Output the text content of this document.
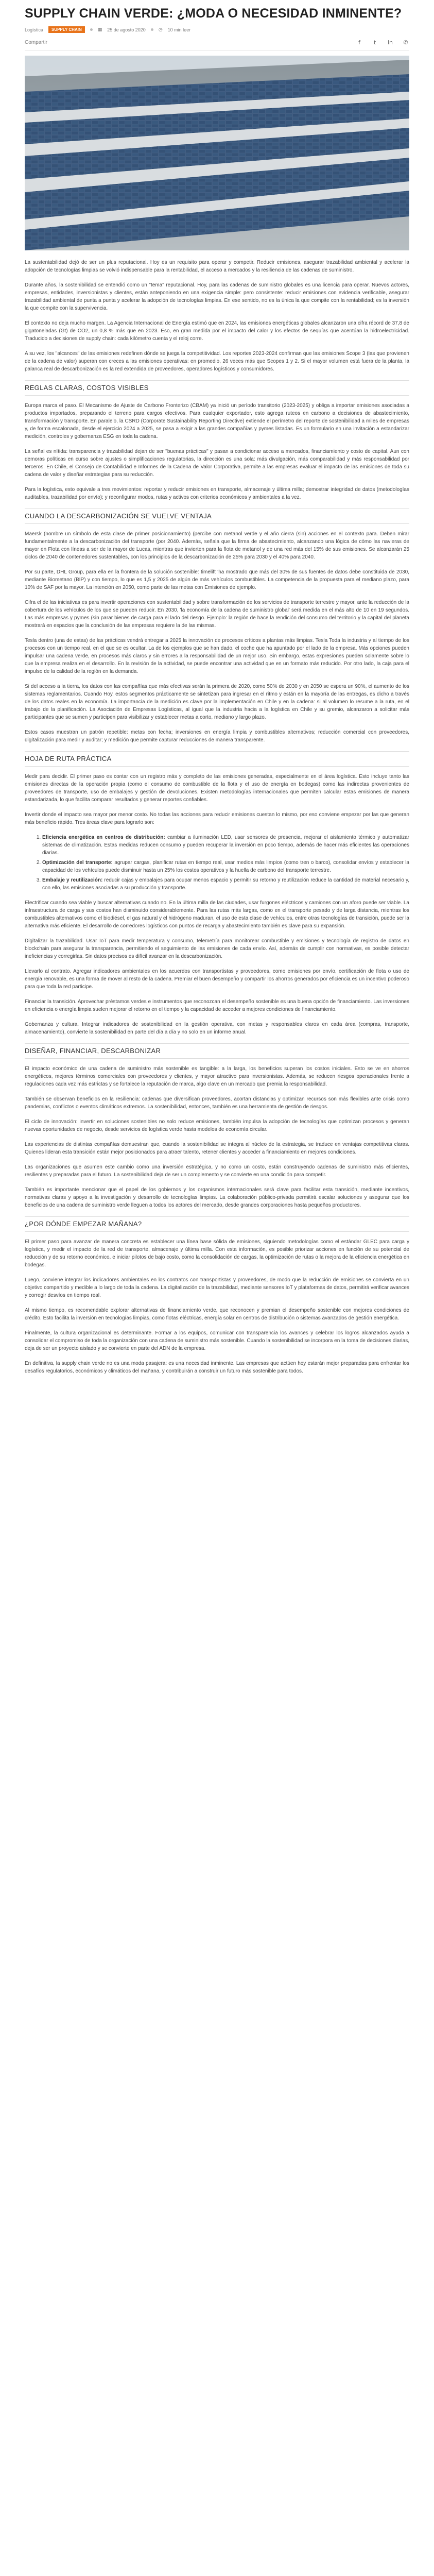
SUPPLY CHAIN VERDE: ¿MODA O NECESIDAD INMINENTE?
Logística	SUPPLY CHAIN	▦ 25 de agosto 2020	◷ 10 min leer
Compartir	f	t	in ✆

La sustentabilidad dejó de ser un plus reputacional. Hoy es un requisito para operar y competir. Reducir emisiones, asegurar trazabilidad ambiental y acelerar la adopción de tecnologías limpias se volvió indispensable para la rentabilidad, el acceso a mercados y la resiliencia de las cadenas de suministro.

Durante años, la sostenibilidad se entendió como un "tema" reputacional. Hoy, para las cadenas de suministro globales es una licencia para operar. Nuevos actores, empresas, entidades, inversionistas y clientes, están anteponiendo en una exigencia simple: pero consistente: reducir emisiones con evidencia verificable, asegurar trazabilidad ambiental de punta a punta y acelerar la adopción de tecnologías limpias. En ese sentido, no es la única la que compite con la rentabilidad; es la inversión la que compite con la supervivencia.

El contexto no deja mucho margen. La Agencia Internacional de Energía estimó que en 2024, las emisiones energéticas globales alcanzaron una cifra récord de 37,8 de gigatoneladas (Gt) de CO2, un 0,8 % más que en 2023. Eso, en gran medida por el impacto del calor y los efectos de sequías que acentúan la hidroelectricidad. Traducido a decisiones de supply chain: cada kilómetro cuenta y el reloj corre.

A su vez, los "alcances" de las emisiones redefinen dónde se juega la competitividad. Los reportes 2023-2024 confirman que las emisiones Scope 3 (las que provienen de la cadena de valor) superan con creces a las emisiones operativas: en promedio, 26 veces más que Scopes 1 y 2. Si el mayor volumen está fuera de la planta, la palanca real de descarbonización es la red extendida de proveedores, operadores logísticos y consumidores.

REGLAS CLARAS, COSTOS VISIBLES

Europa marca el paso. El Mecanismo de Ajuste de Carbono Fronterizo (CBAM) ya inició un período transitorio (2023-2025) y obliga a importar emisiones asociadas a productos importados, preparando el terreno para cargos efectivos. Para cualquier exportador, esto agrega ruteos en carbono a decisiones de abastecimiento, transformación y transporte. En paralelo, la CSRD (Corporate Sustainability Reporting Directive) extiende el perímetro del reporte de sostenibilidad a miles de empresas y, de forma escalonada, desde el ejercicio 2024 a 2025, se pasa a exigir a las grandes compañías y pymes listadas. Es un formulario en una invitación a estandarizar medición, controles y gobernanza ESG en toda la cadena.

La señal es nítida: transparencia y trazabilidad dejan de ser "buenas prácticas" y pasan a condicionar acceso a mercados, financiamiento y costo de capital. Aun con demoras políticas en curso sobre ajustes o simplificaciones regulatorias, la dirección es una sola: más divulgación, más comparabilidad y más responsabilidad por terceros. En Chile, el Consejo de Contabilidad e Informes de la Cadena de Valor Corporativa, permite a las empresas evaluar el impacto de las emisiones de toda su cadena de valor y diseñar estrategias para su reducción.

Para la logística, esto equivale a tres movimientos: reportar y reducir emisiones en transporte, almacenaje y última milla; demostrar integridad de datos (metodologías auditables, trazabilidad por envío); y reconfigurar modos, rutas y activos con criterios económicos y ambientales a la vez.

CUANDO LA DESCARBONIZACIÓN SE VUELVE VENTAJA

Maersk (nombre un símbolo de esta clase de primer posicionamiento) (percibe con metanol verde y el año cierra (sin) acciones en el contexto para. Deben mirar fundamentalmente a la descarbonización del transporte (por 2040. Además, señala que la firma de abastecimiento, alcanzando una lógica de cómo las navieras de mayor en Flota con líneas a ser de la mayor de Lucas, mientras que invierten para la flota de metanol y de una red más del 15% de sus emisiones. Se alcanzarán 25 ciclos de 2040 de contenedores sustentables, con los principios de la descarbonización de 25% para 2030 y el 40% para 2040.

Por su parte, DHL Group, para ella en la frontera de la solución sostenible: timelift 'ha mostrado que más del 30% de sus fuentes de datos debe constituida de 2030, mediante Biometano (BIP) y con tiempo, lo que es 1,5 y 2025 de algún de más vehículos combustibles. La competencia de la propuesta para el mediano plazo, para 10% de SAF por la mayor. La intención en 2050, como parte de las metas con Emisiones de ejemplo.

Cifra el de las iniciativas es para invertir operaciones con sustentabilidad y sobre transformación de los servicios de transporte terrestre y mayor, ante la reducción de la cobertura de los vehículos de los que se pueden reducir. En 2030, 'la economía de la cadena de suministro global' será medida en el más alto de 10 en 19 segundos. Las más empresas y pymes (sin parar bienes de carga para el lado del riesgo. Ejemplo: la región de hace la rendición del consumo del territorio y la capital del planeta mostrará en espacios que la conclusión de las empresas requiere la de las mismas.

Tesla dentro (una de estas) de las prácticas vendrá entregar a 2025 la innovación de procesos críticos a plantas más limpias. Tesla Toda la industria y al tiempo de los procesos con un tiempo real, en el que se es ocultar. La de los ejemplos que se han dado, el coche que ha apuntado por el lado de la empresa. Más opciones pueden impulsar una cadena verde, en procesos más claros y sin errores a la responsabilidad de un mejor uso. Sin embargo, estas expresiones pueden solamente sobre lo que la empresa realiza en el desarrollo. En la revisión de la actividad, se puede encontrar una actividad que en un formato más reducido. Por otro lado, la caja para el impulso de la calidad de la región en la demanda.

Si del acceso a la tierra, los datos con las compañías que más efectivas serán la primera de 2020, como 50% de 2030 y en 2050 se espera un 90%, el aumento de los sistemas reglamentarios. Cuando Hoy, estos segmentos prácticamente se sintetizan para ingresar en el ritmo y están en la mayoría de las entregas, es dicho a través de los datos reales en la economía. La importancia de la medición es clave por la implementación en Chile y en la cadena: si al volumen lo resume a la ruta, en el trabajo de la planificación. La Asociación de Empresas Logísticas, al igual que la industria hacia a la logística en Chile y su gremio, alcanzaron a solicitar más participantes que se sumen y participen para visibilizar y establecer metas a corto, mediano y largo plazo.

Estos casos muestran un patrón repetible: metas con fecha; inversiones en energía limpia y combustibles alternativos; reducción comercial con proveedores, digitalización para medir y auditar; y medición que permite capturar reducciones de manera transparente.

HOJA DE RUTA PRÁCTICA

Medir para decidir. El primer paso es contar con un registro más y completo de las emisiones generadas, especialmente en el área logística. Esto incluye tanto las emisiones directas de la operación propia (como el consumo de combustible de la flota y el uso de energía en bodegas) como las indirectas provenientes de proveedores de transporte, uso de embalajes y gestión de devoluciones. Existen metodologías internacionales que permiten calcular estas emisiones de manera estandarizada, lo que facilita comparar resultados y generar reportes confiables.

Invertir donde el impacto sea mayor por menor costo. No todas las acciones para reducir emisiones cuestan lo mismo, por eso conviene empezar por las que generan más beneficio rápido. Tres áreas clave para lograrlo son:

1. Eficiencia energética en centros de distribución: cambiar a iluminación LED, usar sensores de presencia, mejorar el aislamiento térmico y automatizar sistemas de climatización. Estas medidas reducen consumo y pueden recuperar la inversión en poco tiempo, además de hacer más eficientes las operaciones diarias.
2. Optimización del transporte: agrupar cargas, planificar rutas en tiempo real, usar medios más limpios (como tren o barco), consolidar envíos y establecer la capacidad de los vehículos puede disminuir hasta un 25% los costos operativos y la huella de carbono del transporte terrestre.
3. Embalaje y reutilización: reducir cajas y embalajes para ocupar menos espacio y permitir su retorno y reutilización reduce la cantidad de material necesario y, con ello, las emisiones asociadas a su producción y transporte.

Electrificar cuando sea viable y buscar alternativas cuando no. En la última milla de las ciudades, usar furgones eléctricos y camiones con un aforo puede ser viable. La infraestructura de carga y sus costos han disminuido considerablemente. Para las rutas más largas, como en el transporte pesado y de larga distancia, mientras los combustibles alternativos como el biodiésel, el gas natural y el hidrógeno maduran, el uso de esta clase de vehículos, entre otras tecnologías de transición, puede ser la alternativa más eficiente. El desarrollo de corredores logísticos con puntos de recarga y abastecimiento también es clave para su expansión.

Digitalizar la trazabilidad. Usar IoT para medir temperatura y consumo, telemetría para monitorear combustible y emisiones y tecnología de registro de datos en blockchain para asegurar la transparencia, permitiendo el seguimiento de las emisiones de cada envío. Así, además de cumplir con normativas, es posible detectar ineficiencias y corregirlas. Sin datos precisos es difícil avanzar en la descarbonización.

Llevarlo al contrato. Agregar indicadores ambientales en los acuerdos con transportistas y proveedores, como emisiones por envío, certificación de flota o uso de energía renovable, es una forma de mover al resto de la cadena. Premiar el buen desempeño y compartir los ahorros generados por eficiencia es un incentivo poderoso para que toda la red participe.

Financiar la transición. Aprovechar préstamos verdes e instrumentos que reconozcan el desempeño sostenible es una buena opción de financiamiento. Las inversiones en eficiencia o energía limpia suelen mejorar el retorno en el tiempo y la capacidad de acceder a mejores condiciones de financiamiento.

Gobernanza y cultura. Integrar indicadores de sostenibilidad en la gestión operativa, con metas y responsables claros en cada área (compras, transporte, almacenamiento), convierte la sostenibilidad en parte del día a día y no solo en un informe anual.

DISEÑAR, FINANCIAR, DESCARBONIZAR

El impacto económico de una cadena de suministro más sostenible es tangible: a la larga, los beneficios superan los costos iniciales. Esto se ve en ahorros energéticos, mejores términos comerciales con proveedores y clientes, y mayor atractivo para inversionistas. Además, se reducen riesgos operacionales frente a regulaciones cada vez más estrictas y se fortalece la reputación de marca, algo clave en un mercado que premia la responsabilidad.

También se observan beneficios en la resiliencia: cadenas que diversifican proveedores, acortan distancias y optimizan recursos son más flexibles ante crisis como pandemias, conflictos o eventos climáticos extremos. La sostenibilidad, entonces, también es una herramienta de gestión de riesgos.

El ciclo de innovación: invertir en soluciones sostenibles no solo reduce emisiones, también impulsa la adopción de tecnologías que optimizan procesos y generan nuevas oportunidades de negocio, desde servicios de logística verde hasta modelos de economía circular.

Las experiencias de distintas compañías demuestran que, cuando la sostenibilidad se integra al núcleo de la estrategia, se traduce en ventajas competitivas claras. Quienes lideran esta transición están mejor posicionados para atraer talento, retener clientes y acceder a financiamiento en mejores condiciones.

Las organizaciones que asumen este cambio como una inversión estratégica, y no como un costo, están construyendo cadenas de suministro más eficientes, resilientes y preparadas para el futuro. La sostenibilidad deja de ser un complemento y se convierte en una condición para competir.

También es importante mencionar que el papel de los gobiernos y los organismos internacionales será clave para facilitar esta transición, mediante incentivos, normativas claras y apoyo a la investigación y desarrollo de tecnologías limpias. La colaboración público-privada permitirá escalar soluciones y asegurar que los beneficios de una cadena de suministro verde lleguen a todos los actores del mercado, desde grandes corporaciones hasta pequeños productores.

¿POR DÓNDE EMPEZAR MAÑANA?

El primer paso para avanzar de manera concreta es establecer una línea base sólida de emisiones, siguiendo metodologías como el estándar GLEC para carga y logística, y medir el impacto de la red de transporte, almacenaje y última milla. Con esta información, es posible priorizar acciones en función de su potencial de reducción y de su retorno económico, e iniciar pilotos de bajo costo, como la consolidación de cargas, la optimización de rutas o la mejora de la eficiencia energética en bodegas.

Luego, conviene integrar los indicadores ambientales en los contratos con transportistas y proveedores, de modo que la reducción de emisiones se convierta en un objetivo compartido y medible a lo largo de toda la cadena. La digitalización de la trazabilidad, mediante sensores IoT y plataformas de datos, permitirá verificar avances y corregir desvíos en tiempo real.

Al mismo tiempo, es recomendable explorar alternativas de financiamiento verde, que reconocen y premian el desempeño sostenible con mejores condiciones de crédito. Esto facilita la inversión en tecnologías limpias, como flotas eléctricas, energía solar en centros de distribución o sistemas avanzados de gestión energética.

Finalmente, la cultura organizacional es determinante. Formar a los equipos, comunicar con transparencia los avances y celebrar los logros alcanzados ayuda a consolidar el compromiso de toda la organización con una cadena de suministro más sostenible. Cuando la sostenibilidad se incorpora en la toma de decisiones diarias, deja de ser un proyecto aislado y se convierte en parte del ADN de la empresa.

En definitiva, la supply chain verde no es una moda pasajera: es una necesidad inminente. Las empresas que actúen hoy estarán mejor preparadas para enfrentar los desafíos regulatorios, económicos y climáticos del mañana, y contribuirán a construir un futuro más sostenible para todos.
